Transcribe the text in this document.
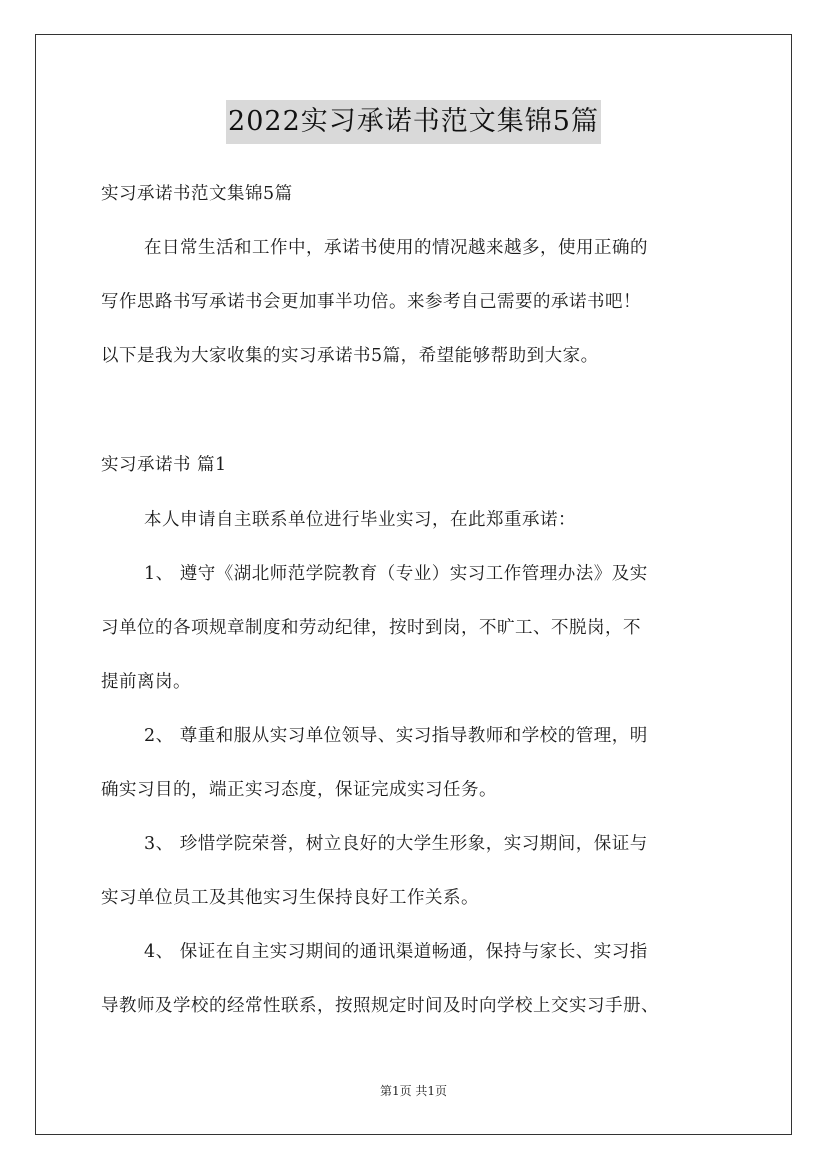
2022实习承诺书范文集锦5篇

实习承诺书范文集锦5篇

在日常生活和工作中，承诺书使用的情况越来越多，使用正确的

写作思路书写承诺书会更加事半功倍。来参考自己需要的承诺书吧！

以下是我为大家收集的实习承诺书5篇，希望能够帮助到大家。

实习承诺书 篇1

本人申请自主联系单位进行毕业实习，在此郑重承诺：

1、 遵守《湖北师范学院教育（专业）实习工作管理办法》及实

习单位的各项规章制度和劳动纪律，按时到岗，不旷工、不脱岗，不

提前离岗。

2、 尊重和服从实习单位领导、实习指导教师和学校的管理，明

确实习目的，端正实习态度，保证完成实习任务。

3、 珍惜学院荣誉，树立良好的大学生形象，实习期间，保证与

实习单位员工及其他实习生保持良好工作关系。

4、 保证在自主实习期间的通讯渠道畅通，保持与家长、实习指

导教师及学校的经常性联系，按照规定时间及时向学校上交实习手册、

第1页 共1页
